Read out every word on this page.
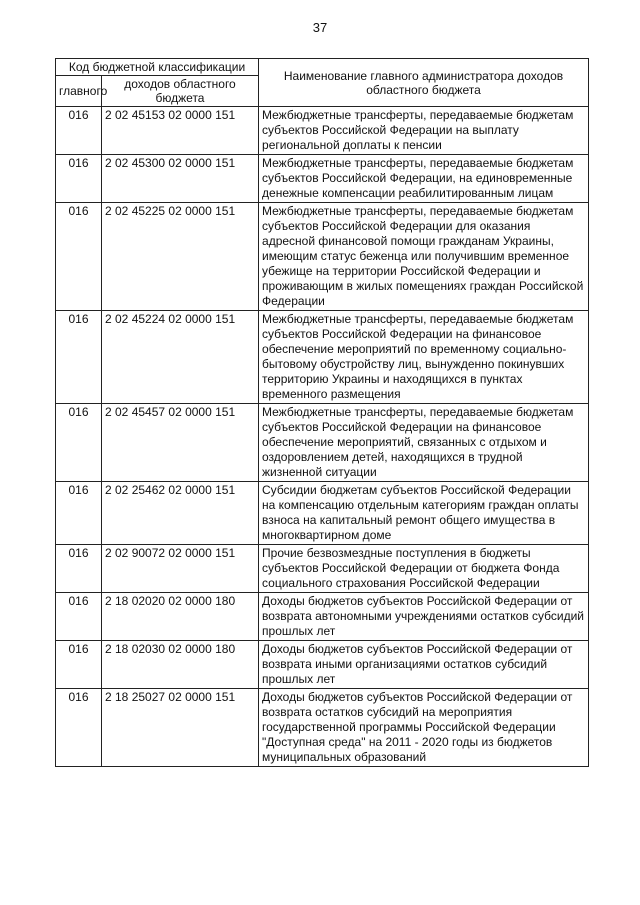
37
Код бюджетной классификации		Наименование главного администратора доходов областного бюджета
главного	доходов областного бюджета	
016	2 02 45153 02 0000 151	Межбюджетные трансферты, передаваемые бюджетам субъектов Российской Федерации на выплату региональной доплаты к пенсии
016	2 02 45300 02 0000 151	Межбюджетные трансферты, передаваемые бюджетам субъектов Российской Федерации, на единовременные денежные компенсации реабилитированным лицам
016	2 02 45225 02 0000 151	Межбюджетные трансферты, передаваемые бюджетам субъектов Российской Федерации для оказания адресной финансовой помощи гражданам Украины, имеющим статус беженца или получившим временное убежище на территории Российской Федерации и проживающим в жилых помещениях граждан Российской Федерации
016	2 02 45224 02 0000 151	Межбюджетные трансферты, передаваемые бюджетам субъектов Российской Федерации на финансовое обеспечение мероприятий по временному социально-бытовому обустройству лиц, вынужденно покинувших территорию Украины и находящихся в пунктах временного размещения
016	2 02 45457 02 0000 151	Межбюджетные трансферты, передаваемые бюджетам субъектов Российской Федерации на финансовое обеспечение мероприятий, связанных с отдыхом и оздоровлением детей, находящихся в трудной жизненной ситуации
016	2 02 25462 02 0000 151	Субсидии бюджетам субъектов Российской Федерации на компенсацию отдельным категориям граждан оплаты взноса на капитальный ремонт общего имущества в многоквартирном доме
016	2 02 90072 02 0000 151	Прочие безвозмездные поступления в бюджеты субъектов Российской Федерации от бюджета Фонда социального страхования Российской Федерации
016	2 18 02020 02 0000 180	Доходы бюджетов субъектов Российской Федерации от возврата автономными учреждениями остатков субсидий прошлых лет
016	2 18 02030 02 0000 180	Доходы бюджетов субъектов Российской Федерации от возврата иными организациями остатков субсидий прошлых лет
016	2 18 25027 02 0000 151	Доходы бюджетов субъектов Российской Федерации от возврата остатков субсидий на мероприятия государственной программы Российской Федерации "Доступная среда" на 2011 - 2020 годы из бюджетов муниципальных образований
